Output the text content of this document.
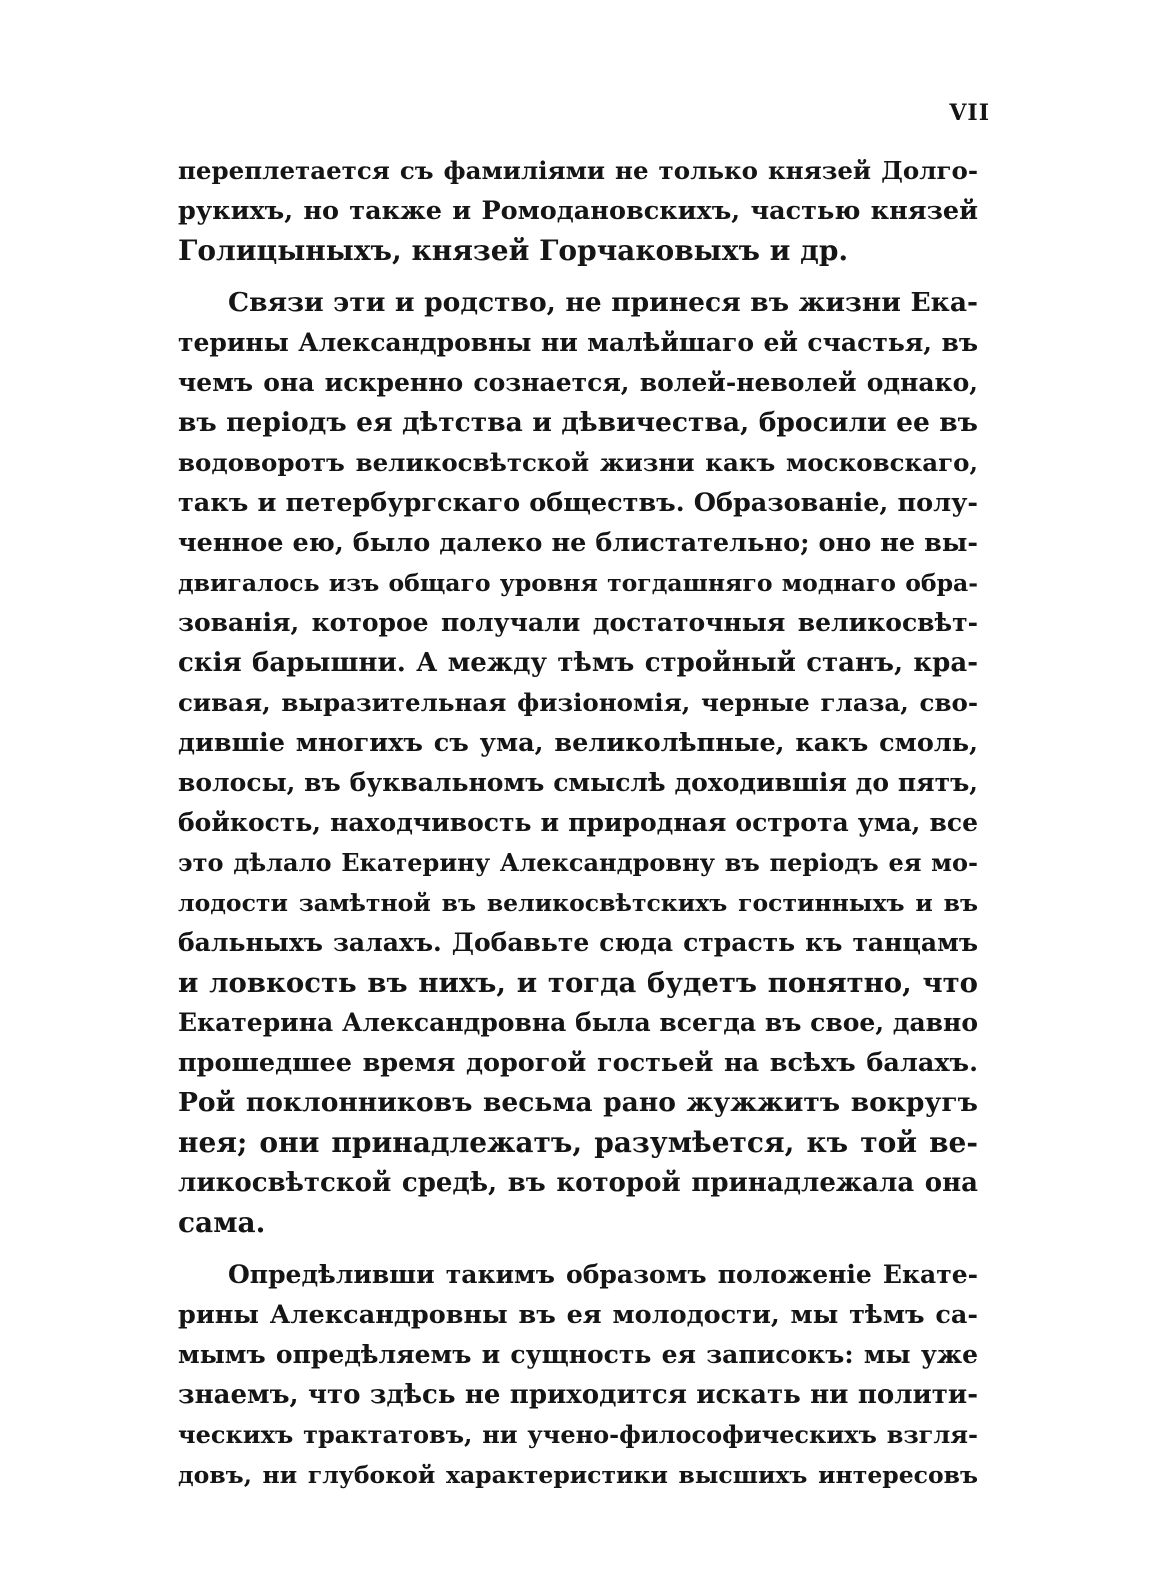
VII
переплетается съ фамиліями не только князей Долго-
рукихъ, но также и Ромодановскихъ, частью князей
Голицыныхъ, князей Горчаковыхъ и др.
Связи эти и родство, не принеся въ жизни Ека-
терины Александровны ни малѣйшаго ей счастья, въ
чемъ она искренно сознается, волей-неволей однако,
въ періодъ ея дѣтства и дѣвичества, бросили ее въ
водоворотъ великосвѣтской жизни какъ московскаго,
такъ и петербургскаго обществъ. Образованіе, полу-
ченное ею, было далеко не блистательно; оно не вы-
двигалось изъ общаго уровня тогдашняго моднаго обра-
зованія, которое получали достаточныя великосвѣт-
скія барышни. А между тѣмъ стройный станъ, кра-
сивая, выразительная физіономія, черные глаза, сво-
дившіе многихъ съ ума, великолѣпные, какъ смоль,
волосы, въ буквальномъ смыслѣ доходившія до пятъ,
бойкость, находчивость и природная острота ума, все
это дѣлало Екатерину Александровну въ періодъ ея мо-
лодости замѣтной въ великосвѣтскихъ гостинныхъ и въ
бальныхъ залахъ. Добавьте сюда страсть къ танцамъ
и ловкость въ нихъ, и тогда будетъ понятно, что
Екатерина Александровна была всегда въ свое, давно
прошедшее время дорогой гостьей на всѣхъ балахъ.
Рой поклонниковъ весьма рано жужжитъ вокругъ
нея; они принадлежатъ, разумѣется, къ той ве-
ликосвѣтской средѣ, въ которой принадлежала она
сама.
Опредѣливши такимъ образомъ положеніе Екате-
рины Александровны въ ея молодости, мы тѣмъ са-
мымъ опредѣляемъ и сущность ея записокъ: мы уже
знаемъ, что здѣсь не приходится искать ни полити-
ческихъ трактатовъ, ни учено-философическихъ взгля-
довъ, ни глубокой характеристики высшихъ интересовъ
